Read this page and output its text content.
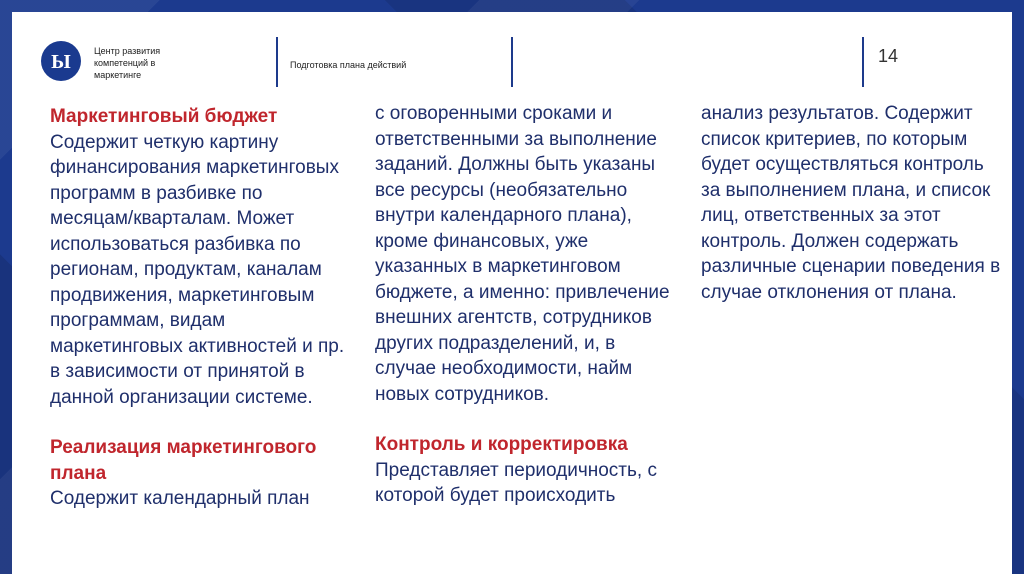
Ы	Центр развития компетенций в маркетинге
Подготовка плана действий	14

Маркетинговый бюджет

Содержит четкую картину финансирования маркетинговых программ в разбивке по месяцам/кварталам. Может использоваться разбивка по регионам, продуктам, каналам продвижения, маркетинговым программам, видам маркетинговых активностей и пр. в зависимости от принятой в данной организации системе.

Реализация маркетингового плана

Содержит календарный план

с оговоренными сроками и ответственными за выполнение заданий. Должны быть указаны все ресурсы (необязательно внутри календарного плана), кроме финансовых, уже указанных в маркетинговом бюджете, а именно: привлечение внешних агентств, сотрудников других подразделений, и, в случае необходимости, найм новых сотрудников.

Контроль и корректировка

Представляет периодичность, с которой будет происходить

анализ результатов. Содержит список критериев, по которым будет осуществляться контроль за выполнением плана, и список лиц, ответственных за этот контроль. Должен содержать различные сценарии поведения в случае отклонения от плана.
